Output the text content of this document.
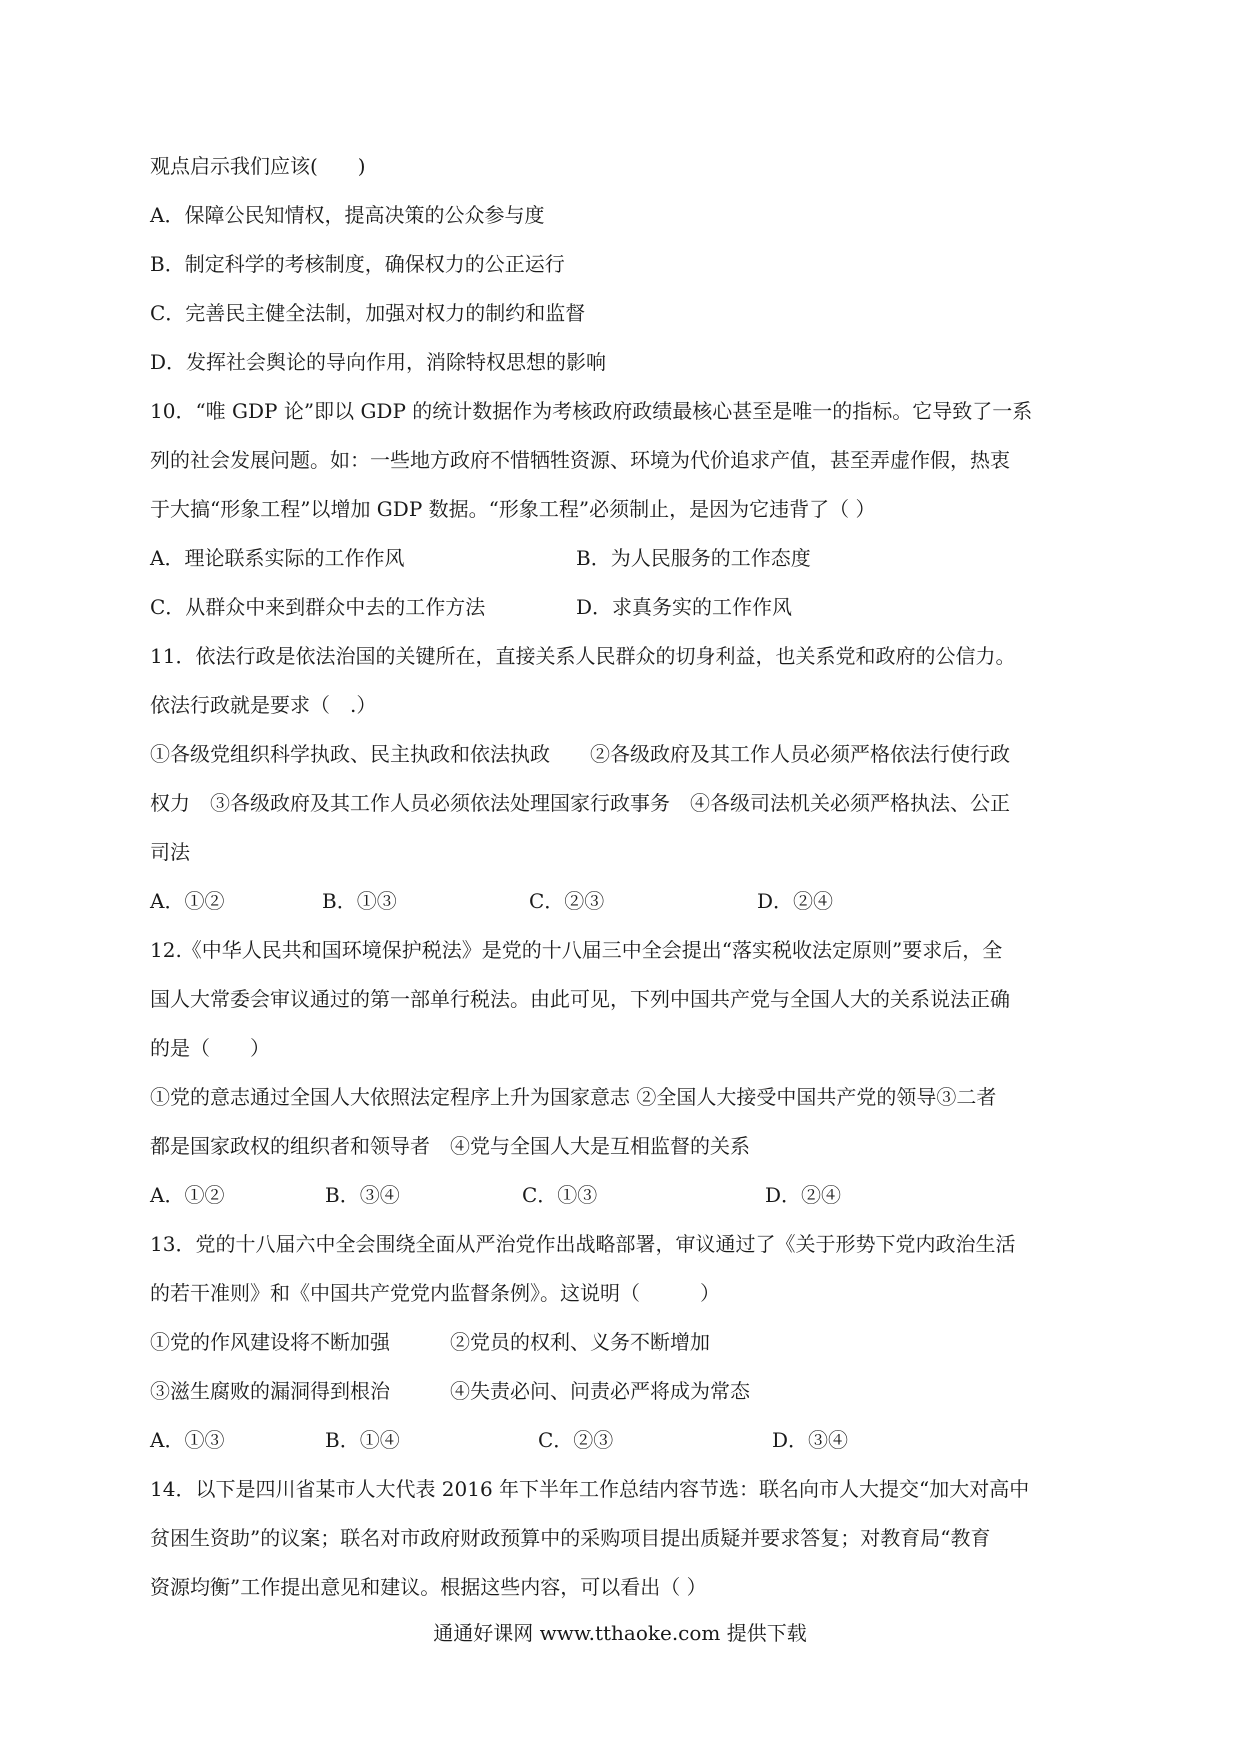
观点启示我们应该(　　)
A．保障公民知情权，提高决策的公众参与度
B．制定科学的考核制度，确保权力的公正运行
C．完善民主健全法制，加强对权力的制约和监督
D．发挥社会舆论的导向作用，消除特权思想的影响
10．“唯 GDP 论”即以 GDP 的统计数据作为考核政府政绩最核心甚至是唯一的指标。它导致了一系
列的社会发展问题。如：一些地方政府不惜牺牲资源、环境为代价追求产值，甚至弄虚作假，热衷
于大搞“形象工程”以增加 GDP 数据。“形象工程”必须制止，是因为它违背了（ ）
A．理论联系实际的工作作风	B．为人民服务的工作态度
C．从群众中来到群众中去的工作方法	D．求真务实的工作作风
11．依法行政是依法治国的关键所在，直接关系人民群众的切身利益，也关系党和政府的公信力。
依法行政就是要求（　.）
①各级党组织科学执政、民主执政和依法执政　　②各级政府及其工作人员必须严格依法行使行政
权力　③各级政府及其工作人员必须依法处理国家行政事务　④各级司法机关必须严格执法、公正
司法
A．①②	B．①③	C．②③	D．②④
12.《中华人民共和国环境保护税法》是党的十八届三中全会提出“落实税收法定原则”要求后，全
国人大常委会审议通过的第一部单行税法。由此可见，下列中国共产党与全国人大的关系说法正确
的是（　　）
①党的意志通过全国人大依照法定程序上升为国家意志 ②全国人大接受中国共产党的领导③二者
都是国家政权的组织者和领导者　④党与全国人大是互相监督的关系
A．①②	B．③④	C．①③	D．②④
13．党的十八届六中全会围绕全面从严治党作出战略部署，审议通过了《关于形势下党内政治生活
的若干准则》和《中国共产党党内监督条例》。这说明（　　　）
①党的作风建设将不断加强　　　②党员的权利、义务不断增加
③滋生腐败的漏洞得到根治　　　④失责必问、问责必严将成为常态
A．①③	B．①④	C．②③	D．③④
14．以下是四川省某市人大代表 2016 年下半年工作总结内容节选：联名向市人大提交“加大对高中
贫困生资助”的议案；联名对市政府财政预算中的采购项目提出质疑并要求答复；对教育局“教育
资源均衡”工作提出意见和建议。根据这些内容，可以看出（ ）
通通好课网 www.tthaoke.com 提供下载
